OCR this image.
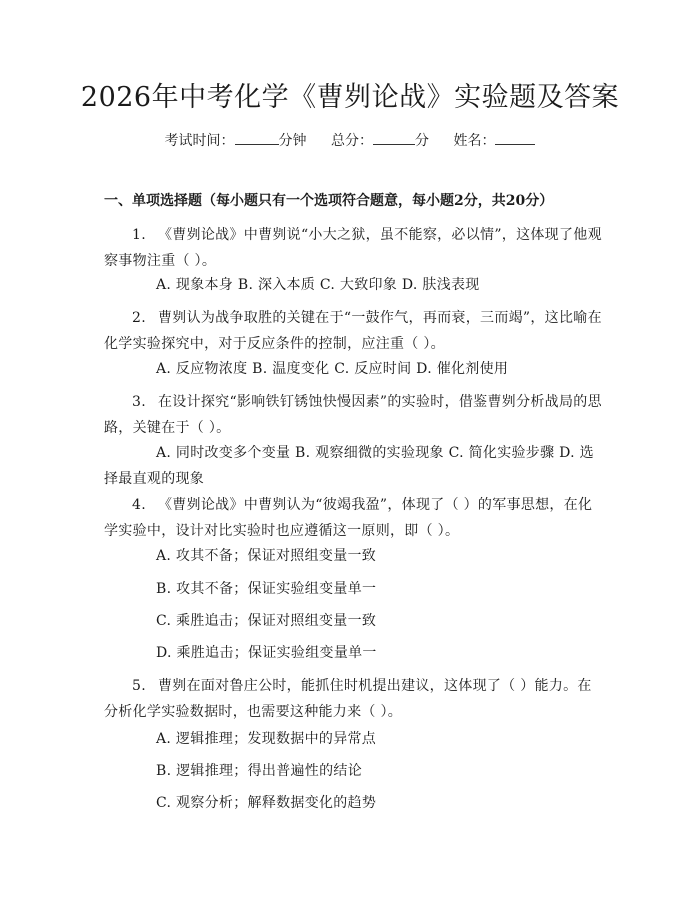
2026年中考化学《曹刿论战》实验题及答案
考试时间：	分钟 总分：	分 姓名：
一、单项选择题（每小题只有一个选项符合题意，每小题2分，共20分）
1. 《曹刿论战》中曹刿说“小大之狱，虽不能察，必以情”，这体现了他观察事物注重（ ）。
A. 现象本身 B. 深入本质 C. 大致印象 D. 肤浅表现
2. 曹刿认为战争取胜的关键在于“一鼓作气，再而衰，三而竭”，这比喻在化学实验探究中，对于反应条件的控制，应注重（ ）。
A. 反应物浓度 B. 温度变化 C. 反应时间 D. 催化剂使用
3. 在设计探究“影响铁钉锈蚀快慢因素”的实验时，借鉴曹刿分析战局的思路，关键在于（ ）。
A. 同时改变多个变量 B. 观察细微的实验现象 C. 简化实验步骤 D. 选择最直观的现象
4. 《曹刿论战》中曹刿认为“彼竭我盈”，体现了（ ）的军事思想，在化学实验中，设计对比实验时也应遵循这一原则，即（ ）。
A. 攻其不备；保证对照组变量一致
B. 攻其不备；保证实验组变量单一
C. 乘胜追击；保证对照组变量一致
D. 乘胜追击；保证实验组变量单一
5. 曹刿在面对鲁庄公时，能抓住时机提出建议，这体现了（ ）能力。在分析化学实验数据时，也需要这种能力来（ ）。
A. 逻辑推理；发现数据中的异常点
B. 逻辑推理；得出普遍性的结论
C. 观察分析；解释数据变化的趋势
